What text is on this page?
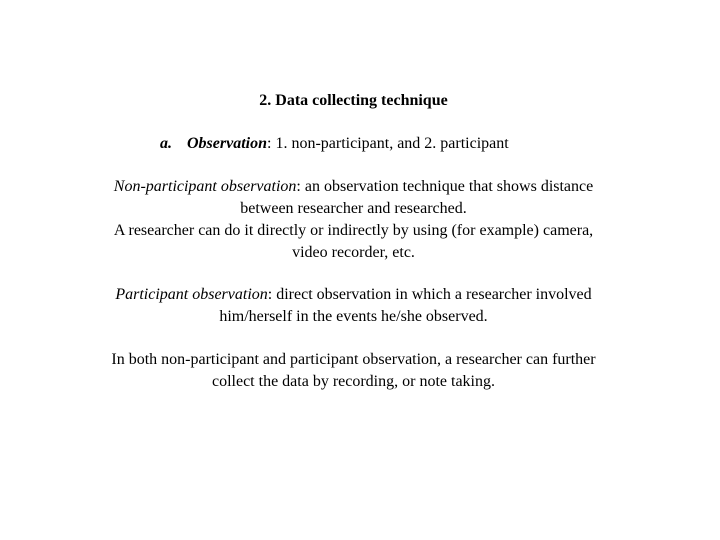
2. Data collecting technique
a. Observation: 1. non-participant, and 2. participant
Non-participant observation: an observation technique that shows distance
between researcher and researched.
A researcher can do it directly or indirectly by using (for example) camera,
video recorder, etc.
Participant observation: direct observation in which a researcher involved
him/herself in the events he/she observed.
In both non-participant and participant observation, a researcher can further
collect the data by recording, or note taking.
